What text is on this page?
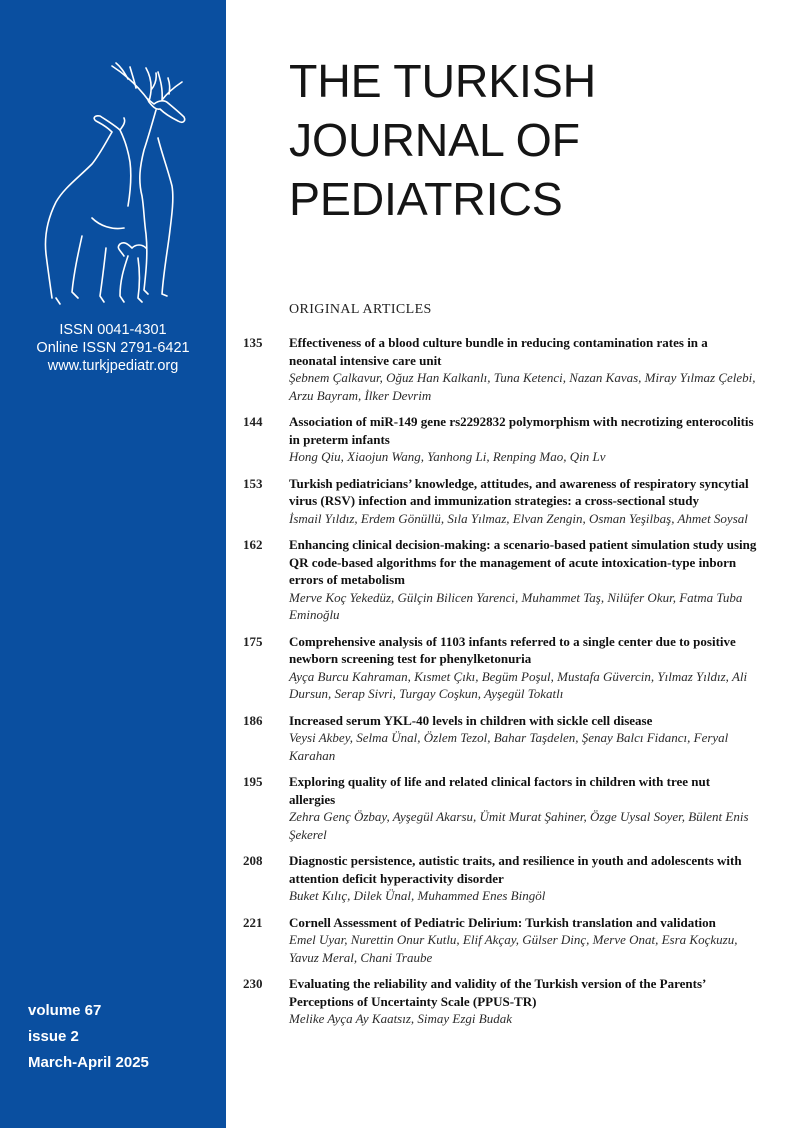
ISSN 0041-4301
Online ISSN 2791-6421
www.turkjpediatr.org
volume 67
issue 2
March-April 2025
THE TURKISH
JOURNAL OF
PEDIATRICS
ORIGINAL ARTICLES
135 Effectiveness of a blood culture bundle in reducing contamination rates in a neonatal intensive care unit
Şebnem Çalkavur, Oğuz Han Kalkanlı, Tuna Ketenci, Nazan Kavas, Miray Yılmaz Çelebi, Arzu Bayram, İlker Devrim
144 Association of miR-149 gene rs2292832 polymorphism with necrotizing enterocolitis in preterm infants
Hong Qiu, Xiaojun Wang, Yanhong Li, Renping Mao, Qin Lv
153 Turkish pediatricians’ knowledge, attitudes, and awareness of respiratory syncytial virus (RSV) infection and immunization strategies: a cross-sectional study
İsmail Yıldız, Erdem Gönüllü, Sıla Yılmaz, Elvan Zengin, Osman Yeşilbaş, Ahmet Soysal
162 Enhancing clinical decision-making: a scenario-based patient simulation study using QR code-based algorithms for the management of acute intoxication-type inborn errors of metabolism
Merve Koç Yekedüz, Gülçin Bilicen Yarenci, Muhammet Taş, Nilüfer Okur, Fatma Tuba Eminoğlu
175 Comprehensive analysis of 1103 infants referred to a single center due to positive newborn screening test for phenylketonuria
Ayça Burcu Kahraman, Kısmet Çıkı, Begüm Poşul, Mustafa Güvercin, Yılmaz Yıldız, Ali Dursun, Serap Sivri, Turgay Coşkun, Ayşegül Tokatlı
186 Increased serum YKL-40 levels in children with sickle cell disease
Veysi Akbey, Selma Ünal, Özlem Tezol, Bahar Taşdelen, Şenay Balcı Fidancı, Feryal Karahan
195 Exploring quality of life and related clinical factors in children with tree nut allergies
Zehra Genç Özbay, Ayşegül Akarsu, Ümit Murat Şahiner, Özge Uysal Soyer, Bülent Enis Şekerel
208 Diagnostic persistence, autistic traits, and resilience in youth and adolescents with attention deficit hyperactivity disorder
Buket Kılıç, Dilek Ünal, Muhammed Enes Bingöl
221 Cornell Assessment of Pediatric Delirium: Turkish translation and validation
Emel Uyar, Nurettin Onur Kutlu, Elif Akçay, Gülser Dinç, Merve Onat, Esra Koçkuzu, Yavuz Meral, Chani Traube
230 Evaluating the reliability and validity of the Turkish version of the Parents’ Perceptions of Uncertainty Scale (PPUS-TR)
Melike Ayça Ay Kaatsız, Simay Ezgi Budak
